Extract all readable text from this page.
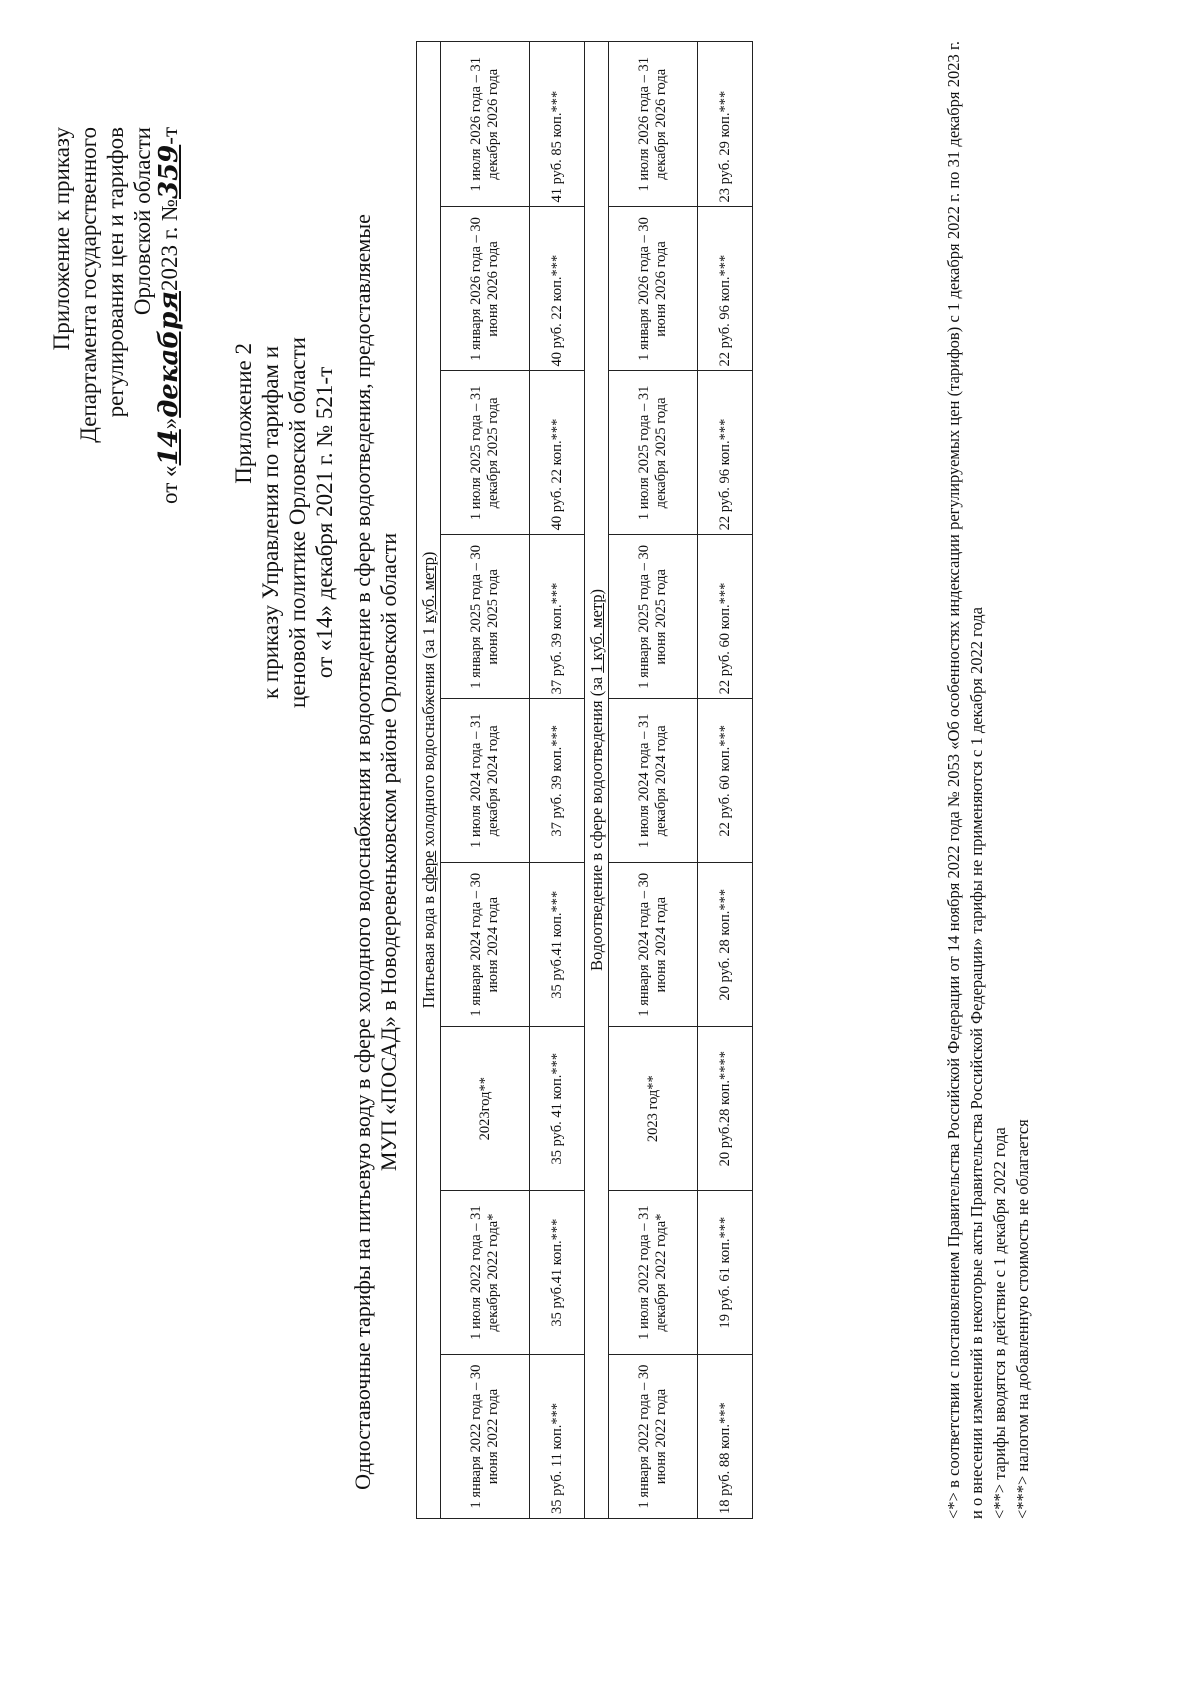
Приложение к приказу Департамента государственного регулирования цен и тарифов Орловской области
от «14»декабря2023 г. №359-т
Приложение 2 к приказу Управления по тарифам и ценовой политике Орловской области от «14» декабря 2021 г. № 521-т Одноставочные тарифы на питьевую воду в сфере холодного водоснабжения и водоотведение в сфере водоотведения, предоставляемые МУП «ПОСАД» в Новодеревеньковском районе Орловской области Питьевая вода в сфере холодного водоснабжения (за 1 куб. метр)								
1 января 2022 года – 30 июня 2022 года	1 июля 2022 года – 31 декабря 2022 года*	2023год**	1 января 2024 года – 30 июня 2024 года	1 июля 2024 года – 31 декабря 2024 года	1 января 2025 года – 30 июня 2025 года	1 июля 2025 года – 31 декабря 2025 года	1 января 2026 года – 30 июня 2026 года	1 июля 2026 года – 31 декабря 2026 года
35 руб. 11 коп.***	35 руб.41 коп.***	35 руб. 41 коп.***	35 руб.41 коп.***	37 руб. 39 коп.***	37 руб. 39 коп.***	40 руб. 22 коп.***	40 руб. 22 коп.***	41 руб. 85 коп.***
Водоотведение в сфере водоотведения (за 1 куб. метр)								
1 января 2022 года – 30 июня 2022 года	1 июля 2022 года – 31 декабря 2022 года*	2023 год**	1 января 2024 года – 30 июня 2024 года	1 июля 2024 года – 31 декабря 2024 года	1 января 2025 года – 30 июня 2025 года	1 июля 2025 года – 31 декабря 2025 года	1 января 2026 года – 30 июня 2026 года	1 июля 2026 года – 31 декабря 2026 года
18 руб. 88 коп.***	19 руб. 61 коп.***	20 руб.28 коп.****	20 руб. 28 коп.***	22 руб. 60 коп.***	22 руб. 60 коп.***	22 руб. 96 коп.***	22 руб. 96 коп.***	23 руб. 29 коп.***	<*> в соответствии с постановлением Правительства Российской Федерации от 14 ноября 2022 года № 2053 «Об особенностях индексации регулируемых цен (тарифов) с 1 декабря 2022 г. по 31 декабря 2023 г. и о внесении изменений в некоторые акты Правительства Российской Федерации» тарифы не применяются с 1 декабря 2022 года <**> тарифы вводятся в действие с 1 декабря 2022 года <***> налогом на добавленную стоимость не облагается
